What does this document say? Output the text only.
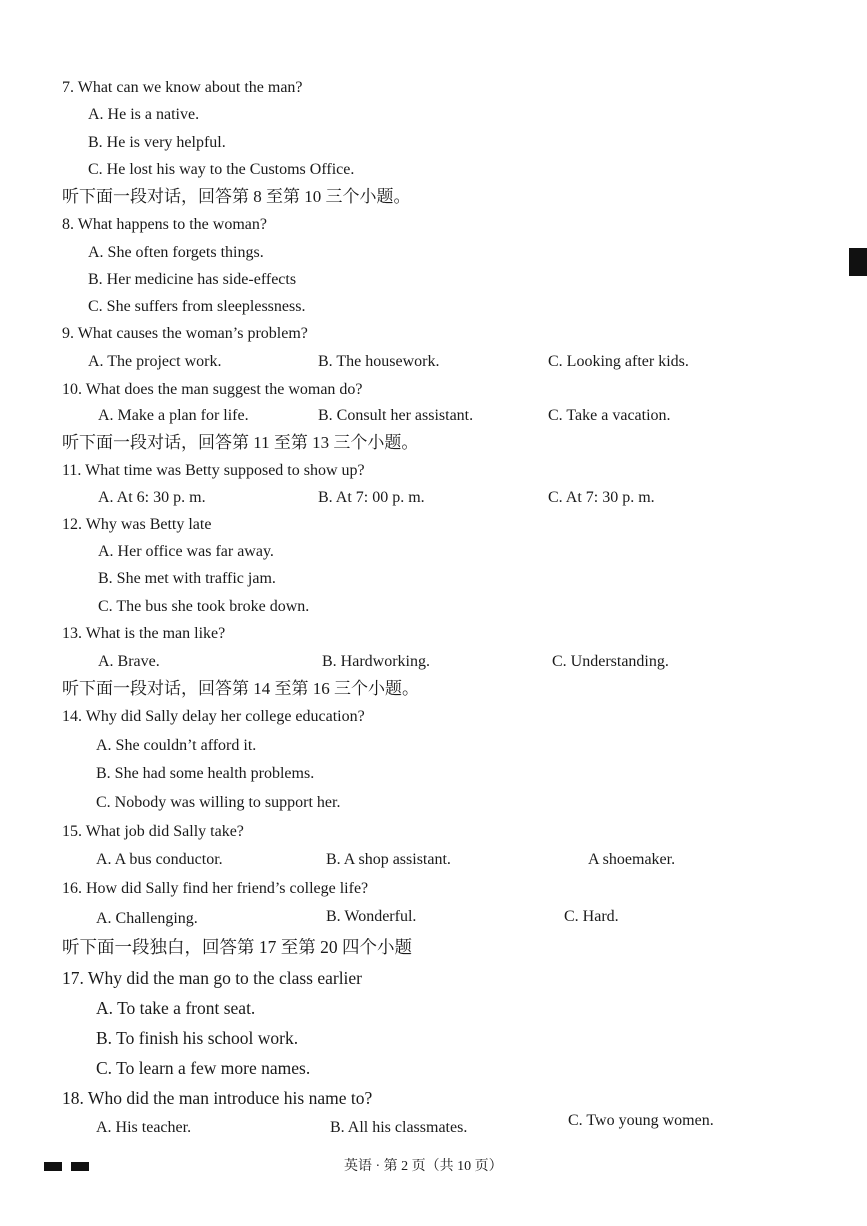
7. What can we know about the man?
A. He is a native.
B. He is very helpful.
C. He lost his way to the Customs Office.
听下面一段对话，回答第 8 至第 10 三个小题。
8. What happens to the woman?
A. She often forgets things.
B. Her medicine has side-effects
C. She suffers from sleeplessness.
9. What causes the woman’s problem?
A. The project work.	B. The housework.	C. Looking after kids.
10. What does the man suggest the woman do?
A. Make a plan for life.	B. Consult her assistant.	C. Take a vacation.
听下面一段对话，回答第 11 至第 13 三个小题。
11. What time was Betty supposed to show up?
A. At 6: 30 p. m.	B. At 7: 00 p. m.	C. At 7: 30 p. m.
12. Why was Betty late
A. Her office was far away.
B. She met with traffic jam.
C. The bus she took broke down.
13. What is the man like?
A. Brave.	B. Hardworking.	C. Understanding.
听下面一段对话，回答第 14 至第 16 三个小题。
14. Why did Sally delay her college education?
A. She couldn’t afford it.
B. She had some health problems.
C. Nobody was willing to support her.
15. What job did Sally take?
A. A bus conductor.	B. A shop assistant.	A shoemaker.
16. How did Sally find her friend’s college life?
A. Challenging.	B. Wonderful.	C. Hard.
听下面一段独白，回答第 17 至第 20 四个小题
17. Why did the man go to the class earlier
A. To take a front seat.
B. To finish his school work.
C. To learn a few more names.
18. Who did the man introduce his name to?
A. His teacher.	B. All his classmates.	C. Two young women.
英语 · 第 2 页（共 10 页）
